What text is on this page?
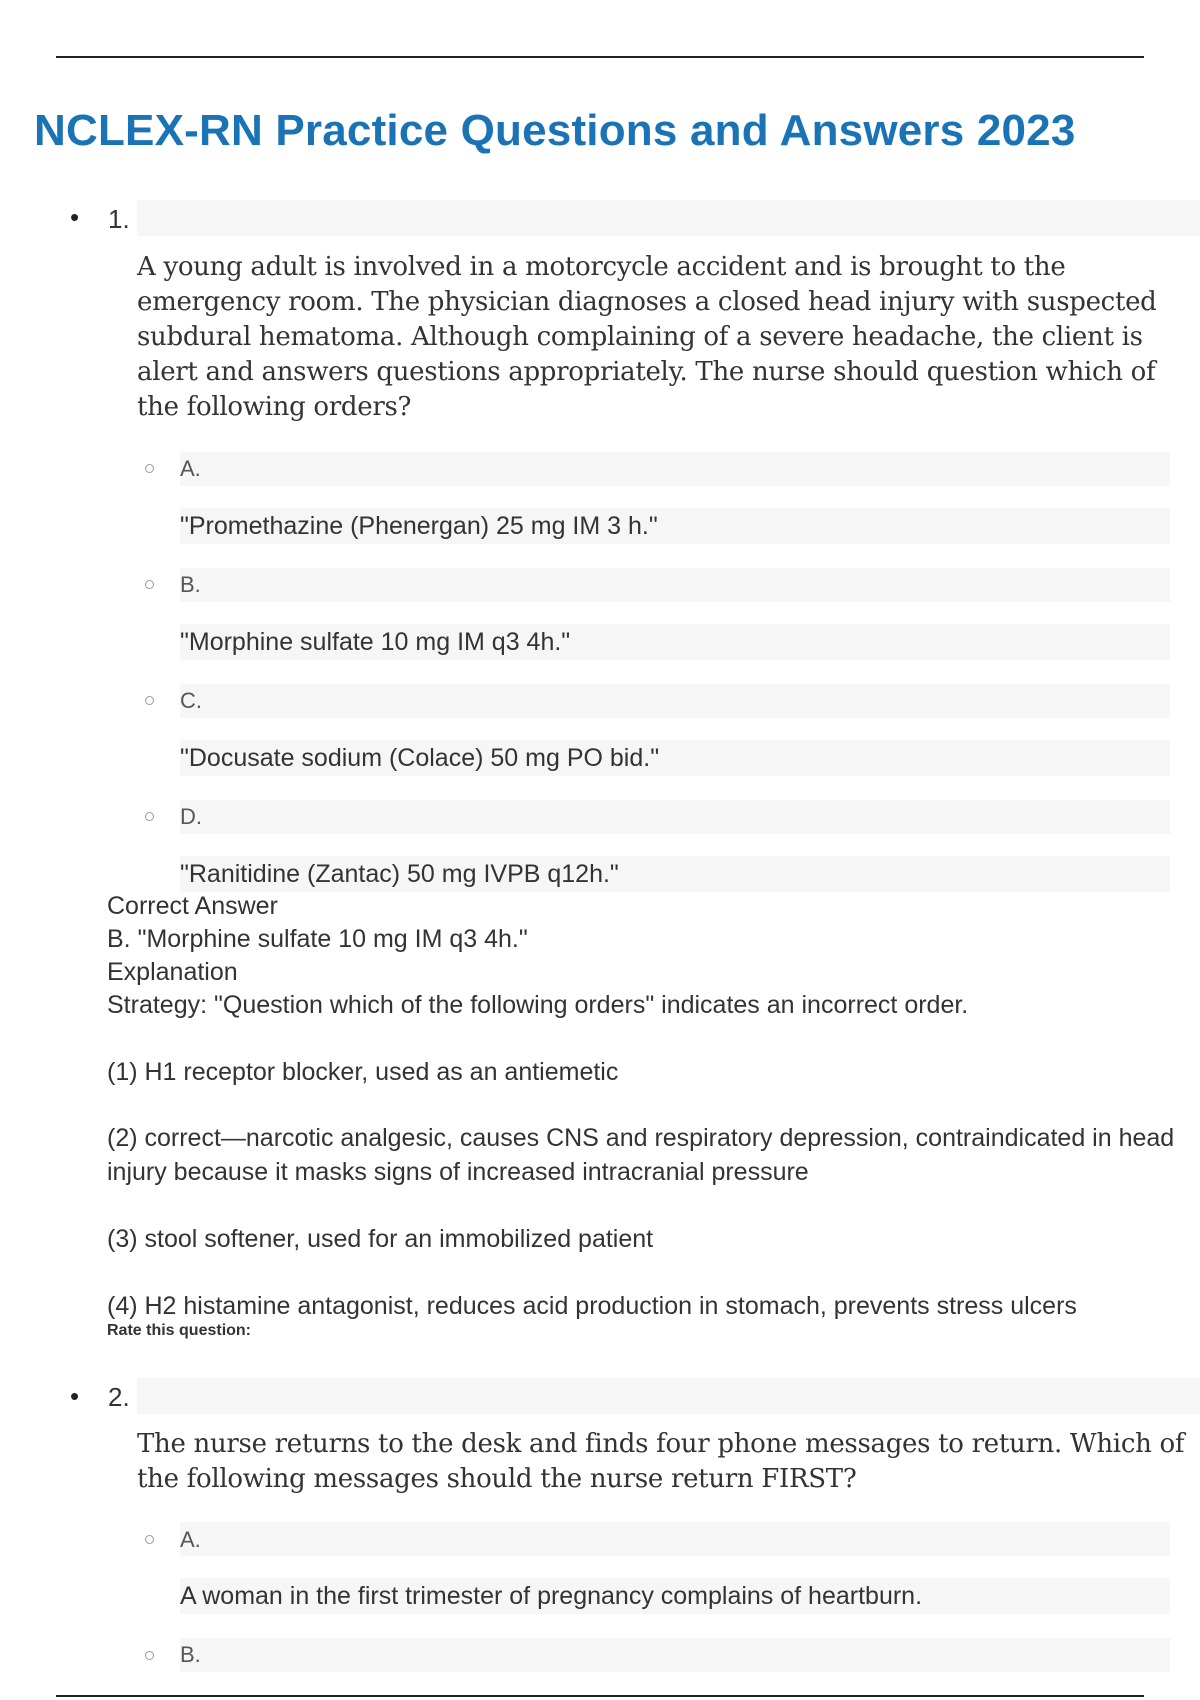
NCLEX-RN Practice Questions and Answers 2023
• 1.

A young adult is involved in a motorcycle accident and is brought to the emergency room. The physician diagnoses a closed head injury with suspected subdural hematoma. Although complaining of a severe headache, the client is alert and answers questions appropriately. The nurse should question which of the following orders?

A.
"Promethazine (Phenergan) 25 mg IM 3 h."
B.
"Morphine sulfate 10 mg IM q3 4h."
C.
"Docusate sodium (Colace) 50 mg PO bid."
D.
"Ranitidine (Zantac) 50 mg IVPB q12h."
Correct Answer
B. "Morphine sulfate 10 mg IM q3 4h."
Explanation
Strategy: "Question which of the following orders" indicates an incorrect order.

(1) H1 receptor blocker, used as an antiemetic

(2) correct—narcotic analgesic, causes CNS and respiratory depression, contraindicated in head injury because it masks signs of increased intracranial pressure

(3) stool softener, used for an immobilized patient

(4) H2 histamine antagonist, reduces acid production in stomach, prevents stress ulcers

Rate this question:
• 2.

The nurse returns to the desk and finds four phone messages to return. Which of the following messages should the nurse return FIRST?

A.
A woman in the first trimester of pregnancy complains of heartburn.
B.
